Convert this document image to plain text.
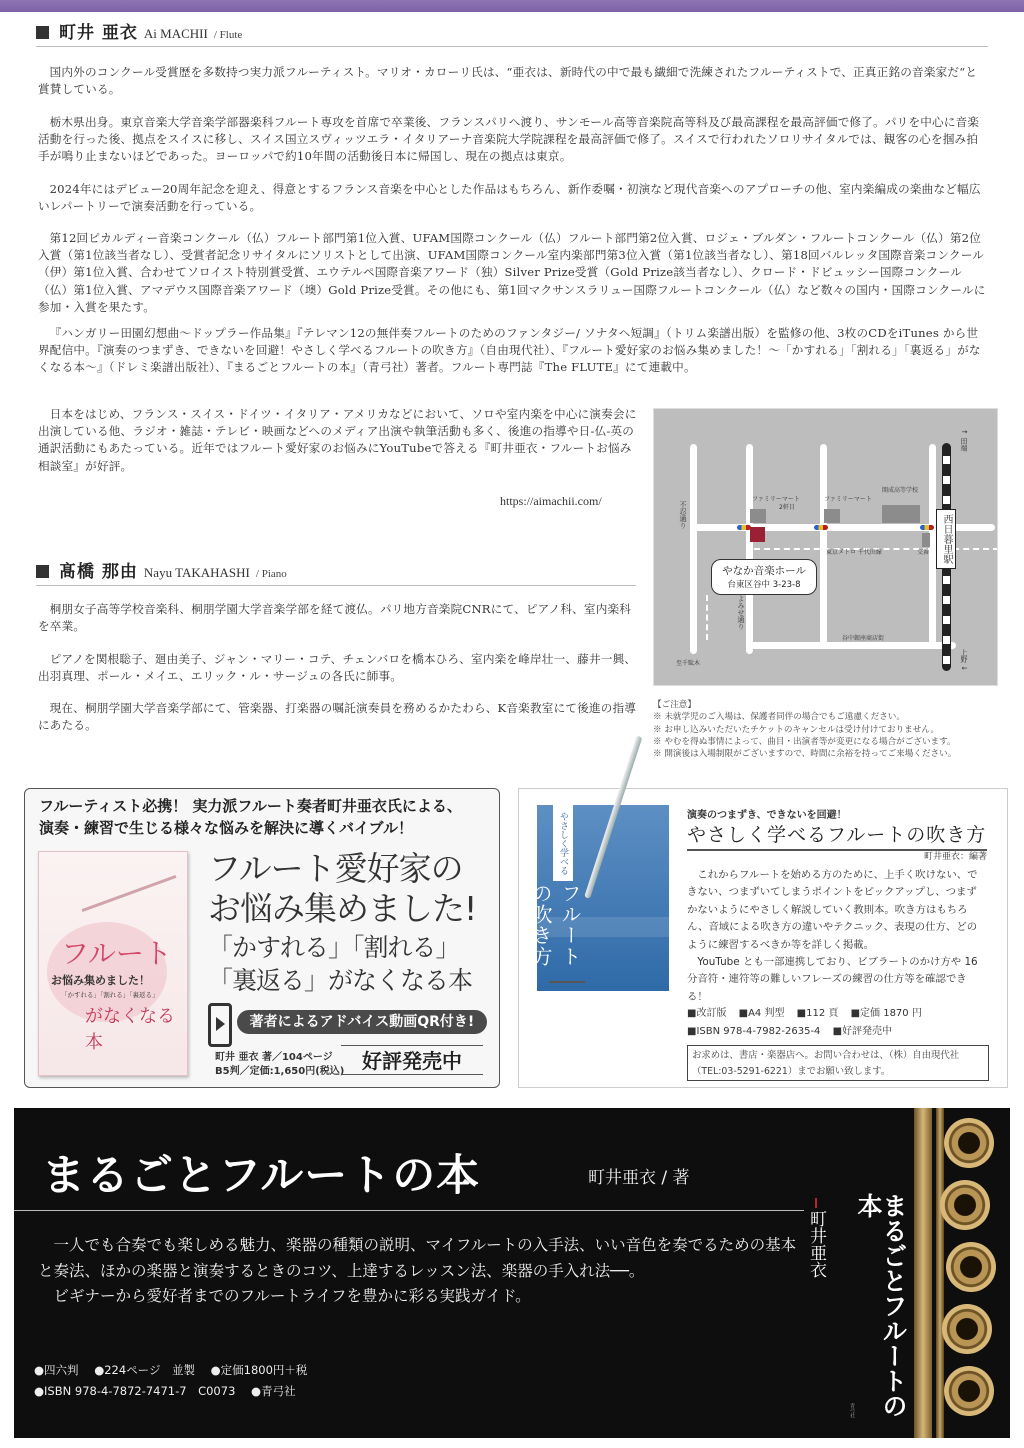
町井 亜衣 Ai MACHII / Flute

国内外のコンクール受賞歴を多数持つ実力派フルーティスト。マリオ・カローリ氏は、“亜衣は、新時代の中で最も繊細で洗練されたフルーティストで、正真正銘の音楽家だ“と賞賛している。

栃木県出身。東京音楽大学音楽学部器楽科フルート専攻を首席で卒業後、フランスパリへ渡り、サンモール高等音楽院高等科及び最高課程を最高評価で修了。パリを中心に音楽活動を行った後、拠点をスイスに移し、スイス国立スヴィッツエラ・イタリアーナ音楽院大学院課程を最高評価で修了。スイスで行われたソロリサイタルでは、観客の心を掴み拍手が鳴り止まないほどであった。ヨーロッパで約10年間の活動後日本に帰国し、現在の拠点は東京。

2024年にはデビュー20周年記念を迎え、得意とするフランス音楽を中心とした作品はもちろん、新作委嘱・初演など現代音楽へのアプローチの他、室内楽編成の楽曲など幅広いレパートリーで演奏活動を行っている。

第12回ピカルディー音楽コンクール（仏）フルート部門第1位入賞、UFAM国際コンクール（仏）フルート部門第2位入賞、ロジェ・ブルダン・フルートコンクール（仏）第2位入賞（第1位該当者なし）、受賞者記念リサイタルにソリストとして出演、UFAM国際コンクール室内楽部門第3位入賞（第1位該当者なし）、第18回バルレッタ国際音楽コンクール（伊）第1位入賞、合わせてソロイスト特別賞受賞、エウテルペ国際音楽アワード（独）Silver Prize受賞（Gold Prize該当者なし）、クロード・ドビュッシー国際コンクール（仏）第1位入賞、アマデウス国際音楽アワード（墺）Gold Prize受賞。その他にも、第1回マクサンスラリュー国際フルートコンクール（仏）など数々の国内・国際コンクールに参加・入賞を果たす。

『ハンガリー田園幻想曲～ドップラー作品集』『テレマン12の無伴奏フルートのためのファンタジー/ ソナタヘ短調』（トリム楽譜出版）を監修の他、3枚のCDをiTunes から世界配信中。『演奏のつまずき、できないを回避！やさしく学べるフルートの吹き方』（自由現代社）、『フルート愛好家のお悩み集めました！～「かすれる」「割れる」「裏返る」がなくなる本～』（ドレミ楽譜出版社）、『まるごとフルートの本』（青弓社）著者。フルート専門誌『The FLUTE』にて連載中。

日本をはじめ、フランス・スイス・ドイツ・イタリア・アメリカなどにおいて、ソロや室内楽を中心に演奏会に出演している他、ラジオ・雑誌・テレビ・映画などへのメディア出演や執筆活動も多く、後進の指導や日-仏-英の通訳活動にもあたっている。近年ではフルート愛好家のお悩みにYouTubeで答える『町井亜衣・フルートお悩み相談室』が好評。

https://aimachii.com/
髙橋 那由 Nayu TAKAHASHI / Piano

桐朋女子高等学校音楽科、桐朋学園大学音楽学部を経て渡仏。パリ地方音楽院CNRにて、ピアノ科、室内楽科を卒業。

ピアノを関根聡子、廻由美子、ジャン・マリー・コテ、チェンバロを橋本ひろ、室内楽を峰岸壮一、藤井一興、出羽真理、ポール・メイエ、エリック・ル・サージュの各氏に師事。

現在、桐朋学園大学音楽学部にて、管楽器、打楽器の嘱託演奏員を務めるかたわら、K音楽教室にて後進の指導にあたる。

ファミリーマート
2軒目
ファミリーマート
開成高等学校
東京メトロ 千代田線	交番
谷中銀座商店街
至千駄木
↑ 田端
上野 ↓
不忍通り
よみせ通り
西日暮里駅
やなか音楽ホール
台東区谷中 3-23-8
【ご注意】
※ 未就学児のご入場は、保護者同伴の場合でもご遠慮ください。
※ お申し込みいただいたチケットのキャンセルは受け付けておりません。
※ やむを得ぬ事情によって、曲目・出演者等が変更になる場合がございます。
※ 開演後は入場制限がございますので、時間に余裕を持ってご来場ください。
フルーティスト必携！ 実力派フルート奏者町井亜衣氏による、
演奏・練習で生じる様々な悩みを解決に導くバイブル！
フルート
お悩み集めました！
「かすれる」「割れる」「裏返る」
がなくなる 本
フルート愛好家の
お悩み集めました!
「かすれる」「割れる」
「裏返る」がなくなる本
著者によるアドバイス動画QR付き!
町井 亜衣 著／104ページ
B5判／定価:1,650円(税込) 好評発売中
やさしく学べる
フルートの吹き方
演奏のつまずき、できないを回避！
やさしく学べるフルートの吹き方
町井亜衣：編著

これからフルートを始める方のために、上手く吹けない、できない、つまずいてしまうポイントをピックアップし、つまずかないようにやさしく解説していく教則本。吹き方はもちろん、音域による吹き方の違いやテクニック、表現の仕方、どのように練習するべきか等を詳しく掲載。

YouTube とも一部連携しており、ビブラートのかけ方や 16 分音符・連符等の難しいフレーズの練習の仕方等を確認できる！

■改訂版 ■A4 判型 ■112 頁 ■定価 1870 円
■ISBN 978-4-7982-2635-4 ■好評発売中
お求めは、書店・楽器店へ。お問い合わせは、（株）自由現代社
（TEL:03-5291-6221）までお願い致します。
まるごとフルートの本	町井亜衣 / 著

一人でも合奏でも楽しめる魅力、楽器の種類の説明、マイフルートの入手法、いい音色を奏でるための基本と奏法、ほかの楽器と演奏するときのコツ、上達するレッスン法、楽器の手入れ法──。

ビギナーから愛好者までのフルートライフを豊かに彩る実践ガイド。

●四六判 ●224ページ　並製 ●定価1800円＋税
●ISBN 978-4-7872-7471-7　C0073 ●青弓社
町井亜衣	まるごとフルートの本
青弓社
